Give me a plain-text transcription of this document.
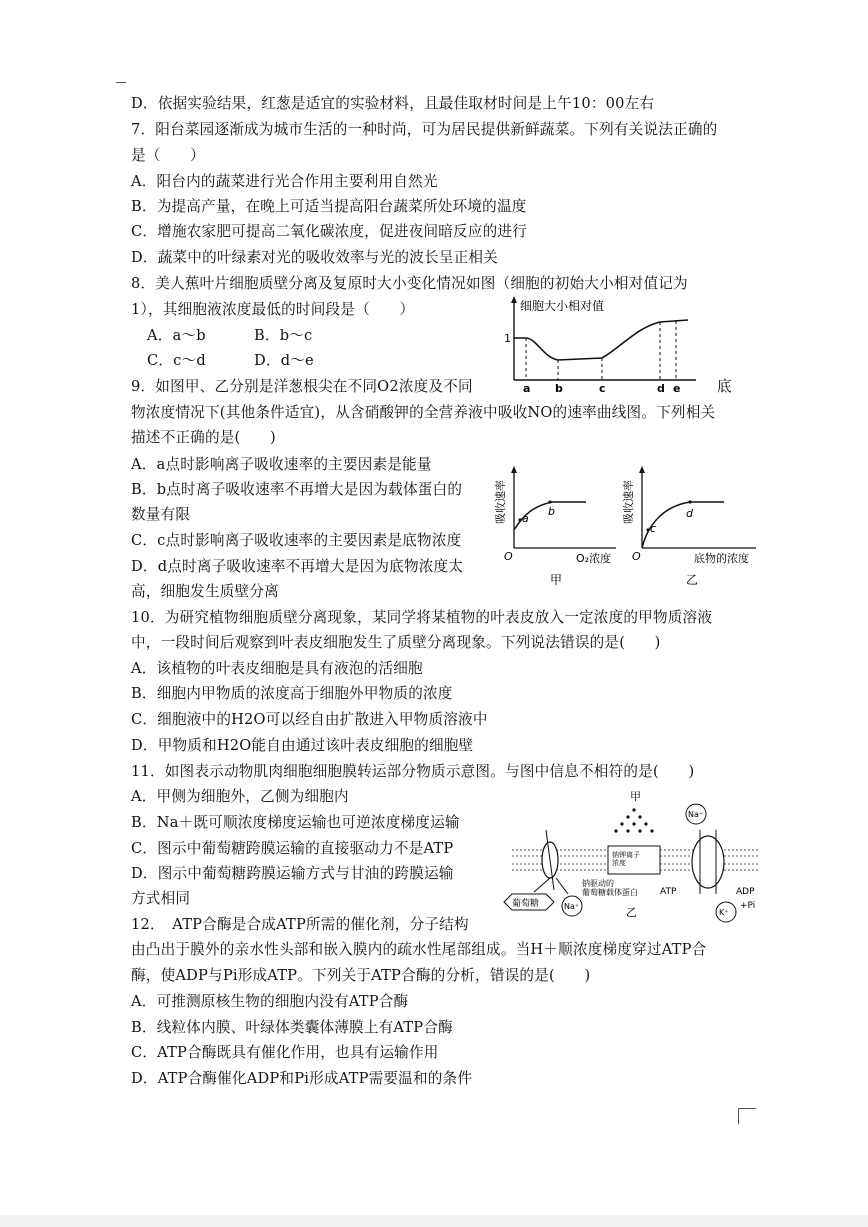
D．依据实验结果，红葱是适宜的实验材料，且最佳取材时间是上午10：00左右
7．阳台菜园逐渐成为城市生活的一种时尚，可为居民提供新鲜蔬菜。下列有关说法正确的
是（　　）
A．阳台内的蔬菜进行光合作用主要利用自然光
B．为提高产量，在晚上可适当提高阳台蔬菜所处环境的温度
C．增施农家肥可提高二氧化碳浓度，促进夜间暗反应的进行
D．蔬菜中的叶绿素对光的吸收效率与光的波长呈正相关
8．美人蕉叶片细胞质壁分离及复原时大小变化情况如图（细胞的初始大小相对值记为
1），其细胞液浓度最低的时间段是（　　）
A．a～b	B．b～c
C．c～d	D．d～e
细胞大小相对值
1
a b	c	d e
9．如图甲、乙分别是洋葱根尖在不同O2浓度及不同	底
物浓度情况下(其他条件适宜)，从含硝酸钾的全营养液中吸收NO的速率曲线图。下列相关
描述不正确的是(　　)
A．a点时影响离子吸收速率的主要因素是能量
B．b点时离子吸收速率不再增大是因为载体蛋白的
数量有限
C．c点时影响离子吸收速率的主要因素是底物浓度
D．d点时离子吸收速率不再增大是因为底物浓度太
高，细胞发生质壁分离
吸收速率
O
a
b
O₂浓度
甲
吸收速率
O
c
d
底物的浓度
乙
10．为研究植物细胞质壁分离现象，某同学将某植物的叶表皮放入一定浓度的甲物质溶液
中，一段时间后观察到叶表皮细胞发生了质壁分离现象。下列说法错误的是(　　)
A．该植物的叶表皮细胞是具有液泡的活细胞
B．细胞内甲物质的浓度高于细胞外甲物质的浓度
C．细胞液中的H2O可以经自由扩散进入甲物质溶液中
D．甲物质和H2O能自由通过该叶表皮细胞的细胞壁
11．如图表示动物肌肉细胞细胞膜转运部分物质示意图。与图中信息不相符的是(　　)
A．甲侧为细胞外，乙侧为细胞内
B．Na＋既可顺浓度梯度运输也可逆浓度梯度运输
C．图示中葡萄糖跨膜运输的直接驱动力不是ATP
D．图示中葡萄糖跨膜运输方式与甘油的跨膜运输
方式相同
钠钾离子浓度
甲
葡萄糖	Na⁺
钠驱动的葡萄糖载体蛋白
乙
Na⁺
ATP	ADP
+Pi
K⁺
12．　ATP合酶是合成ATP所需的催化剂，分子结构
由凸出于膜外的亲水性头部和嵌入膜内的疏水性尾部组成。当H＋顺浓度梯度穿过ATP合
酶，使ADP与Pi形成ATP。下列关于ATP合酶的分析，错误的是(　　)
A．可推测原核生物的细胞内没有ATP合酶
B．线粒体内膜、叶绿体类囊体薄膜上有ATP合酶
C．ATP合酶既具有催化作用，也具有运输作用
D．ATP合酶催化ADP和Pi形成ATP需要温和的条件
